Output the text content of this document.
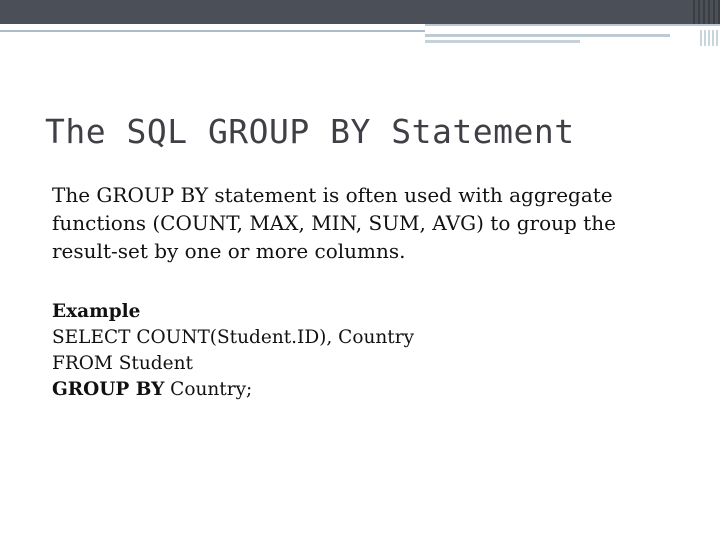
The SQL GROUP BY Statement
The GROUP BY statement is often used with aggregate
functions (COUNT, MAX, MIN, SUM, AVG) to group the
result-set by one or more columns.
Example
SELECT COUNT(Student.ID), Country
FROM Student
GROUP BY Country;
